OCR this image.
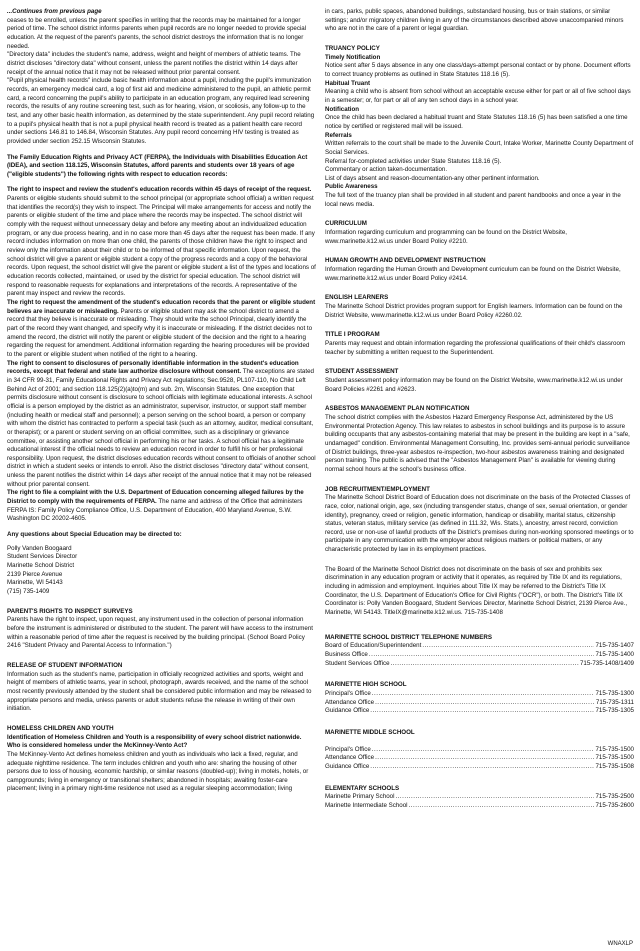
...Continues from previous page

ceases to be enrolled, unless the parent specifies in writing that the records may be maintained for a longer period of time. The school district informs parents when pupil records are no longer needed to provide special education. At the request of the parent's parents, the school district destroys the information that is no longer needed.

"Directory data" includes the student's name, address, weight and height of members of athletic teams. The district discloses "directory data" without consent, unless the parent notifies the district within 14 days after receipt of the annual notice that it may not be released without prior parental consent.

"Pupil physical health records" include basic health information about a pupil, including the pupil's immunization records, an emergency medical card, a log of first aid and medicine administered to the pupil, an athletic permit card, a record concerning the pupil's ability to participate in an education program, any required lead screening records, the results of any routine screening test, such as for hearing, vision, or scoliosis, any follow-up to the test, and any other basic health information, as determined by the state superintendent. Any pupil record relating to a pupil's physical health that is not a pupil physical health record is treated as a patient health care record under sections 146.81 to 146.84, Wisconsin Statutes. Any pupil record concerning HIV testing is treated as provided under section 252.15 Wisconsin Statutes.

The Family Education Rights and Privacy ACT (FERPA), the Individuals with Disabilities Education Act (IDEA), and section 118.125, Wisconsin Statutes, afford parents and students over 18 years of age ("eligible students") the following rights with respect to education records:

The right to inspect and review the student's education records within 45 days of receipt of the request. Parents or eligible students should submit to the school principal (or appropriate school official) a written request that identifies the record(s) they wish to inspect. The Principal will make arrangements for access and notify the parents or eligible student of the time and place where the records may be inspected. The school district will comply with the request without unnecessary delay and before any meeting about an individualized education program, or any due process hearing, and in no case more than 45 days after the request has been made. If any record includes information on more than one child, the parents of those children have the right to inspect and review only the information about their child or to be informed of that specific information. Upon request, the school district will give a parent or eligible student a copy of the progress records and a copy of the behavioral records. Upon request, the school district will give the parent or eligible student a list of the types and locations of education records collected, maintained, or used by the district for special education. The school district will respond to reasonable requests for explanations and interpretations of the records. A representative of the parent may inspect and review the records.

The right to request the amendment of the student's education records that the parent or eligible student believes are inaccurate or misleading. Parents or eligible student may ask the school district to amend a record that they believe is inaccurate or misleading. They should write the school Principal, clearly identify the part of the record they want changed, and specify why it is inaccurate or misleading. If the district decides not to amend the record, the district will notify the parent or eligible student of the decision and the right to a hearing regarding the request for amendment. Additional information regarding the hearing procedures will be provided to the parent or eligible student when notified of the right to a hearing.

The right to consent to disclosures of personally identifiable information in the student's education records, except that federal and state law authorize disclosure without consent. The exceptions are stated in 34 CFR 99-31, Family Educational Rights and Privacy Act regulations; Sec.9528, PL107-110, No Child Left Behind Act of 2001; and section 118.125(2)(a)to(m) and sub. 2m, Wisconsin Statutes. One exception that permits disclosure without consent is disclosure to school officials with legitimate educational interests. A school official is a person employed by the district as an administrator, supervisor, instructor, or support staff member (including health or medical staff and personnel); a person serving on the school board, a person or company with whom the district has contracted to perform a special task (such as an attorney, auditor, medical consultant, or therapist); or a parent or student serving on an official committee, such as a disciplinary or grievance committee, or assisting another school official in performing his or her tasks. A school official has a legitimate educational interest if the official needs to review an education record in order to fulfill his or her professional responsibility. Upon request, the district discloses education records without consent to officials of another school district in which a student seeks or intends to enroll. Also the district discloses "directory data" without consent, unless the parent notifies the district within 14 days after receipt of the annual notice that it may not be released without prior parental consent.

The right to file a complaint with the U.S. Department of Education concerning alleged failures by the District to comply with the requirements of FERPA. The name and address of the Office that administers FERPA IS: Family Policy Compliance Office, U.S. Department of Education, 400 Maryland Avenue, S.W. Washington DC 20202-4605.

Any questions about Special Education may be directed to:

Polly Vanden Boogaard
Student Services Director
Marinette School District
2139 Pierce Avenue
Marinette, WI 54143
(715) 735-1409

PARENT'S RIGHTS TO INSPECT SURVEYS

Parents have the right to inspect, upon request, any instrument used in the collection of personal information before the instrument is administered or distributed to the student. The parent will have access to the instrument within a reasonable period of time after the request is received by the building principal. (School Board Policy 2416 "Student Privacy and Parental Access to Information.")

RELEASE OF STUDENT INFORMATION

Information such as the student's name, participation in officially recognized activities and sports, weight and height of members of athletic teams, year in school, photograph, awards received, and the name of the school most recently previously attended by the student shall be considered public information and may be released to appropriate persons and media, unless parents or adult students refuse the release in writing of their own initiation.

HOMELESS CHILDREN AND YOUTH

Identification of Homeless Children and Youth is a responsibility of every school district nationwide. Who is considered homeless under the McKinney-Vento Act?

The McKinney-Vento Act defines homeless children and youth as individuals who lack a fixed, regular, and adequate nighttime residence. The term includes children and youth who are: sharing the housing of other persons due to loss of housing, economic hardship, or similar reasons (doubled-up); living in motels, hotels, or campgrounds; living in emergency or transitional shelters; abandoned in hospitals; awaiting foster-care placement; living in a primary night-time residence not used as a regular sleeping accommodation; living

in cars, parks, public spaces, abandoned buildings, substandard housing, bus or train stations, or similar settings; and/or migratory children living in any of the circumstances described above unaccompanied minors who are not in the care of a parent or legal guardian.

TRUANCY POLICY

Timely Notification

Notice sent after 5 days absence in any one class/days-attempt personal contact or by phone. Document efforts to correct truancy problems as outlined in State Statutes 118.16 (5).

Habitual Truant

Meaning a child who is absent from school without an acceptable excuse either for part or all of five school days in a semester; or, for part or all of any ten school days in a school year.

Notification

Once the child has been declared a habitual truant and State Statutes 118.16 (5) has been satisfied a one time notice by certified or registered mail will be issued.

Referrals

Written referrals to the court shall be made to the Juvenile Court, Intake Worker, Marinette County Department of Social Services.

Referral for-completed activities under State Statutes 118.16 (5).

Commentary or action taken-documentation.

List of days absent and reason-documentation-any other pertinent information.

Public Awareness

The full text of the truancy plan shall be provided in all student and parent handbooks and once a year in the local news media.

CURRICULUM

Information regarding curriculum and programming can be found on the District Website, www.marinette.k12.wi.us under Board Policy #2210.

HUMAN GROWTH AND DEVELOPMENT INSTRUCTION

Information regarding the Human Growth and Development curriculum can be found on the District Website, www.marinette.k12.wi.us under Board Policy #2414.

ENGLISH LEARNERS

The Marinette School District provides program support for English learners. Information can be found on the District Website, www.marinette.k12.wi.us under Board Policy #2260.02.

TITLE I PROGRAM

Parents may request and obtain information regarding the professional qualifications of their child's classroom teacher by submitting a written request to the Superintendent.

STUDENT ASSESSMENT

Student assessment policy information may be found on the District Website, www.marinette.k12.wi.us under Board Policies #2261 and #2623.

ASBESTOS MANAGEMENT PLAN NOTIFICATION

The school district complies with the Asbestos Hazard Emergency Response Act, administered by the US Environmental Protection Agency. This law relates to asbestos in school buildings and its purpose is to assure building occupants that any asbestos-containing material that may be present in the building are kept in a "safe, undamaged" condition. Environmental Management Consulting, Inc. provides semi-annual periodic surveillance of District buildings, three-year asbestos re-inspection, two-hour asbestos awareness training and designated person training. The public is advised that the "Asbestos Management Plan" is available for viewing during normal school hours at the school's business office.

JOB RECRUITMENT/EMPLOYMENT

The Marinette School District Board of Education does not discriminate on the basis of the Protected Classes of race, color, national origin, age, sex (including transgender status, change of sex, sexual orientation, or gender identity), pregnancy, creed or religion, genetic information, handicap or disability, marital status, citizenship status, veteran status, military service (as defined in 111.32, Wis. Stats.), ancestry, arrest record, conviction record, use or non-use of lawful products off the District's premises during non-working sponsored meetings or to participate in any communication with the employer about religious matters or political matters, or any characteristic protected by law in its employment practices.

The Board of the Marinette School District does not discriminate on the basis of sex and prohibits sex discrimination in any education program or activity that it operates, as required by Title IX and its regulations, including in admission and employment. Inquiries about Title IX may be referred to the District's Title IX Coordinator, the U.S. Department of Education's Office for Civil Rights ("OCR"), or both. The District's Title IX Coordinator is: Polly Vanden Boogaard, Student Services Director, Marinette School District, 2139 Pierce Ave., Marinette, WI 54143. TitleIX@marinette.k12.wi.us. 715-735-1408

MARINETTE SCHOOL DISTRICT TELEPHONE NUMBERS
Board of Education/Superintendent .....	715-735-1407
Business Office .....	715-735-1400
Student Services Office .....	715-735-1408/1409
MARINETTE HIGH SCHOOL
Principal's Office .....	715-735-1300
Attendance Office .....	715-735-1311
Guidance Office .....	715-735-1305
MARINETTE MIDDLE SCHOOL
Principal's Office .....	715-735-1500
Attendance Office .....	715-735-1500
Guidance Office .....	715-735-1508
ELEMENTARY SCHOOLS
Marinette Primary School .....	715-735-2500
Marinette Intermediate School .....	715-735-2600
WNAXLP
